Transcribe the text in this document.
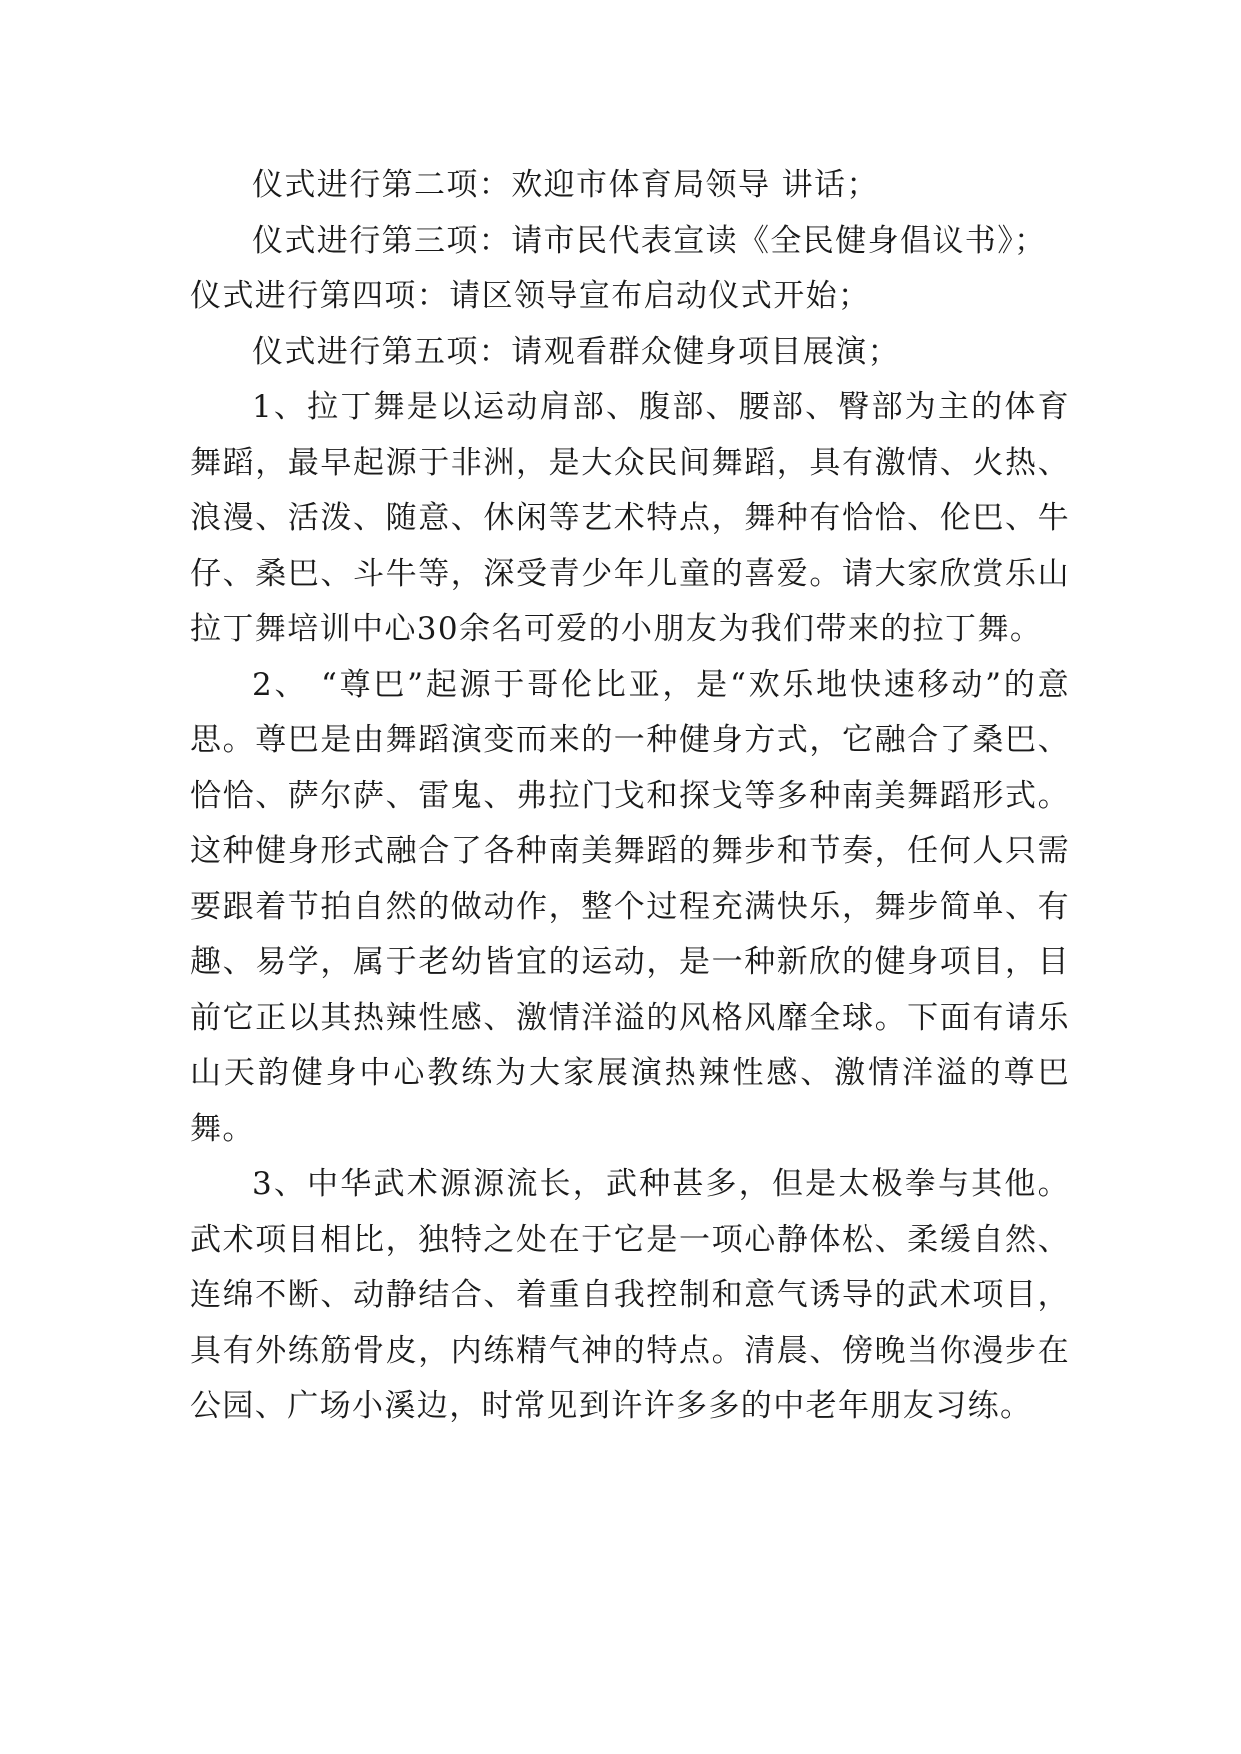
仪式进行第二项：欢迎市体育局领导 讲话；

仪式进行第三项：请市民代表宣读《全民健身倡议书》；

仪式进行第四项：请区领导宣布启动仪式开始；

仪式进行第五项：请观看群众健身项目展演；

1、拉丁舞是以运动肩部、腹部、腰部、臀部为主的体育舞蹈，最早起源于非洲，是大众民间舞蹈，具有激情、火热、浪漫、活泼、随意、休闲等艺术特点，舞种有恰恰、伦巴、牛仔、桑巴、斗牛等，深受青少年儿童的喜爱。请大家欣赏乐山拉丁舞培训中心30余名可爱的小朋友为我们带来的拉丁舞。

2、 “尊巴”起源于哥伦比亚，是“欢乐地快速移动”的意思。尊巴是由舞蹈演变而来的一种健身方式，它融合了桑巴、恰恰、萨尔萨、雷鬼、弗拉门戈和探戈等多种南美舞蹈形式。这种健身形式融合了各种南美舞蹈的舞步和节奏，任何人只需要跟着节拍自然的做动作，整个过程充满快乐，舞步简单、有趣、易学，属于老幼皆宜的运动，是一种新欣的健身项目，目前它正以其热辣性感、激情洋溢的风格风靡全球。下面有请乐山天韵健身中心教练为大家展演热辣性感、激情洋溢的尊巴舞。

3、中华武术源源流长，武种甚多，但是太极拳与其他。武术项目相比，独特之处在于它是一项心静体松、柔缓自然、连绵不断、动静结合、着重自我控制和意气诱导的武术项目，具有外练筋骨皮，内练精气神的特点。清晨、傍晚当你漫步在公园、广场小溪边，时常见到许许多多的中老年朋友习练。
